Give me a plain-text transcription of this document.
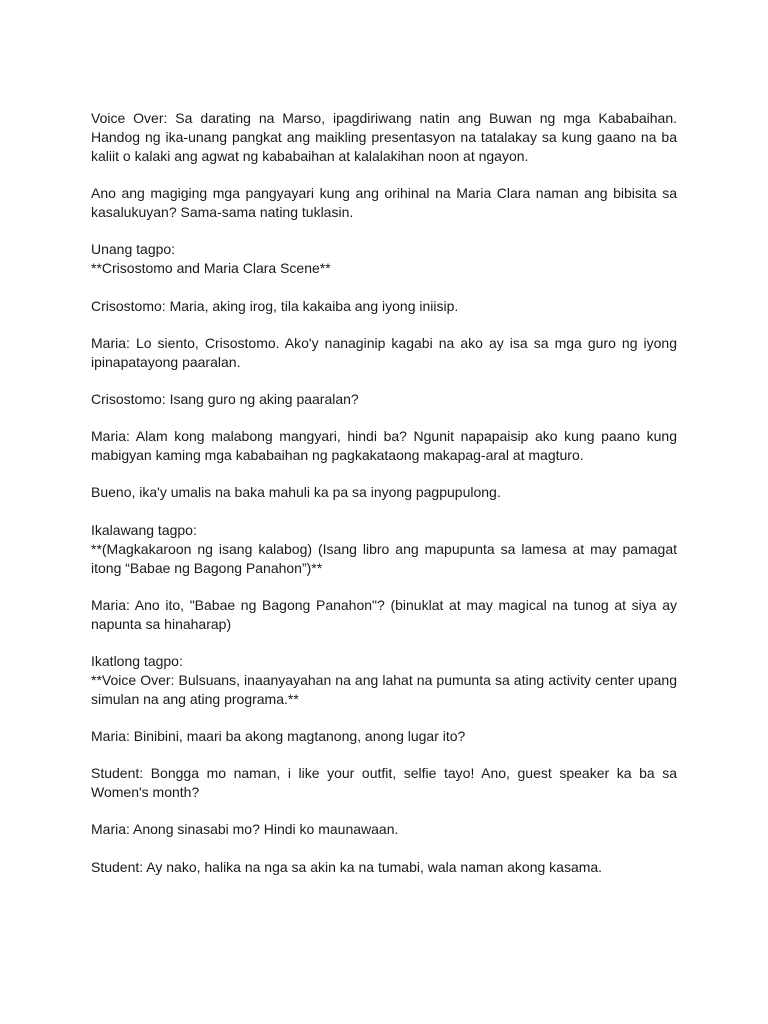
Voice Over: Sa darating na Marso, ipagdiriwang natin ang Buwan ng mga Kababaihan. Handog ng ika-unang pangkat ang maikling presentasyon na tatalakay sa kung gaano na ba kaliit o kalaki ang agwat ng kababaihan at kalalakihan noon at ngayon.

Ano ang magiging mga pangyayari kung ang orihinal na Maria Clara naman ang bibisita sa kasalukuyan? Sama-sama nating tuklasin.

Unang tagpo:
**Crisostomo and Maria Clara Scene**

Crisostomo: Maria, aking irog, tila kakaiba ang iyong iniisip.

Maria: Lo siento, Crisostomo. Ako'y nanaginip kagabi na ako ay isa sa mga guro ng iyong ipinapatayong paaralan.

Crisostomo: Isang guro ng aking paaralan?

Maria: Alam kong malabong mangyari, hindi ba? Ngunit napapaisip ako kung paano kung mabigyan kaming mga kababaihan ng pagkakataong makapag-aral at magturo.

Bueno, ika'y umalis na baka mahuli ka pa sa inyong pagpupulong.

Ikalawang tagpo:
**(Magkakaroon ng isang kalabog) (Isang libro ang mapupunta sa lamesa at may pamagat itong “Babae ng Bagong Panahon”)**

Maria: Ano ito, "Babae ng Bagong Panahon"? (binuklat at may magical na tunog at siya ay napunta sa hinaharap)

Ikatlong tagpo:
**Voice Over: Bulsuans, inaanyayahan na ang lahat na pumunta sa ating activity center upang simulan na ang ating programa.**

Maria: Binibini, maari ba akong magtanong, anong lugar ito?

Student: Bongga mo naman, i like your outfit, selfie tayo! Ano, guest speaker ka ba sa Women's month?

Maria: Anong sinasabi mo? Hindi ko maunawaan.

Student: Ay nako, halika na nga sa akin ka na tumabi, wala naman akong kasama.
